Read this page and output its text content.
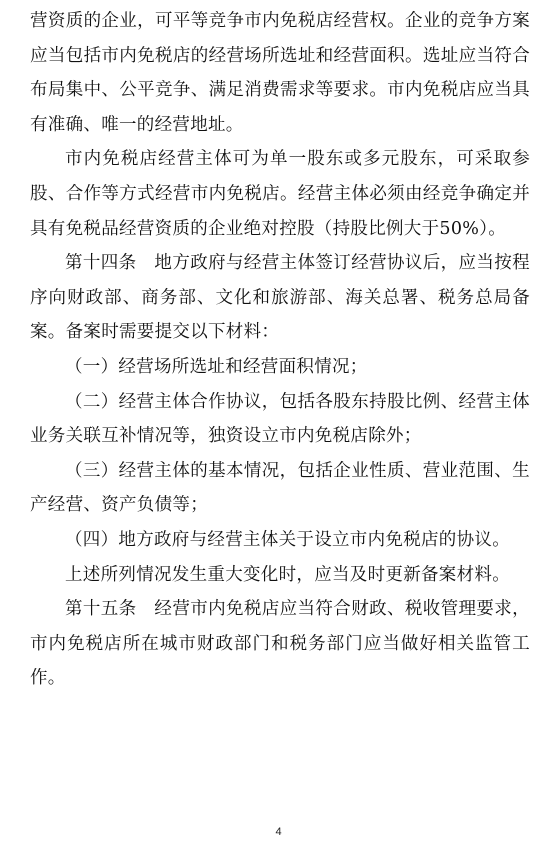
营资质的企业，可平等竞争市内免税店经营权。企业的竞争方案应当包括市内免税店的经营场所选址和经营面积。选址应当符合布局集中、公平竞争、满足消费需求等要求。市内免税店应当具有准确、唯一的经营地址。

市内免税店经营主体可为单一股东或多元股东，可采取参股、合作等方式经营市内免税店。经营主体必须由经竞争确定并具有免税品经营资质的企业绝对控股（持股比例大于50%）。

第十四条　地方政府与经营主体签订经营协议后，应当按程序向财政部、商务部、文化和旅游部、海关总署、税务总局备案。备案时需要提交以下材料：

（一）经营场所选址和经营面积情况；

（二）经营主体合作协议，包括各股东持股比例、经营主体业务关联互补情况等，独资设立市内免税店除外；

（三）经营主体的基本情况，包括企业性质、营业范围、生产经营、资产负债等；

（四）地方政府与经营主体关于设立市内免税店的协议。

上述所列情况发生重大变化时，应当及时更新备案材料。

第十五条　经营市内免税店应当符合财政、税收管理要求，市内免税店所在城市财政部门和税务部门应当做好相关监管工作。

4
